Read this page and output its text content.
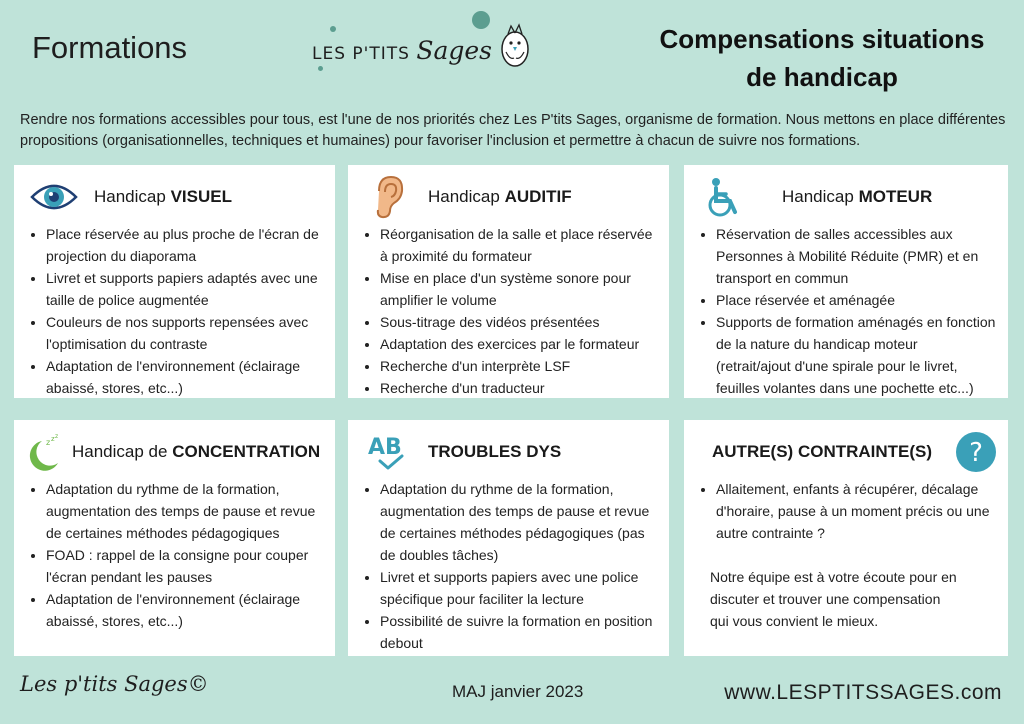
Formations	LES P'TITS Sages	Compensations situations
de handicap
Rendre nos formations accessibles pour tous, est l'une de nos priorités chez Les P'tits Sages, organisme de formation. Nous mettons en place différentes propositions (organisationnelles, techniques et humaines) pour favoriser l'inclusion et permettre à chacun de suivre nos formations.
Handicap VISUEL
• Place réservée au plus proche de l'écran de projection du diaporama
• Livret et supports papiers adaptés avec une taille de police augmentée
• Couleurs de nos supports repensées avec l'optimisation du contraste
• Adaptation de l'environnement (éclairage abaissé, stores, etc...)
Handicap AUDITIF
• Réorganisation de la salle et place réservée à proximité du formateur
• Mise en place d'un système sonore pour amplifier le volume
• Sous-titrage des vidéos présentées
• Adaptation des exercices par le formateur
• Recherche d'un interprète LSF
• Recherche d'un traducteur
Handicap MOTEUR
• Réservation de salles accessibles aux Personnes à Mobilité Réduite (PMR) et en transport en commun
• Place réservée et aménagée
• Supports de formation aménagés en fonction de la nature du handicap moteur (retrait/ajout d'une spirale pour le livret, feuilles volantes dans une pochette etc...)
z z z
Handicap de CONCENTRATION
• Adaptation du rythme de la formation, augmentation des temps de pause et revue de certaines méthodes pédagogiques
• FOAD : rappel de la consigne pour couper l'écran pendant les pauses
• Adaptation de l'environnement (éclairage abaissé, stores, etc...)
AB TROUBLES DYS
• Adaptation du rythme de la formation, augmentation des temps de pause et revue de certaines méthodes pédagogiques (pas de doubles tâches)
• Livret et supports papiers avec une police spécifique pour faciliter la lecture
• Possibilité de suivre la formation en position debout
AUTRE(S) CONTRAINTE(S) ?
• Allaitement, enfants à récupérer, décalage d'horaire, pause à un moment précis ou une autre contrainte ?
Notre équipe est à votre écoute pour en
discuter et trouver une compensation
qui vous convient le mieux.
Les p'tits Sages©	MAJ janvier 2023	www.LESPTITSSAGES.com
